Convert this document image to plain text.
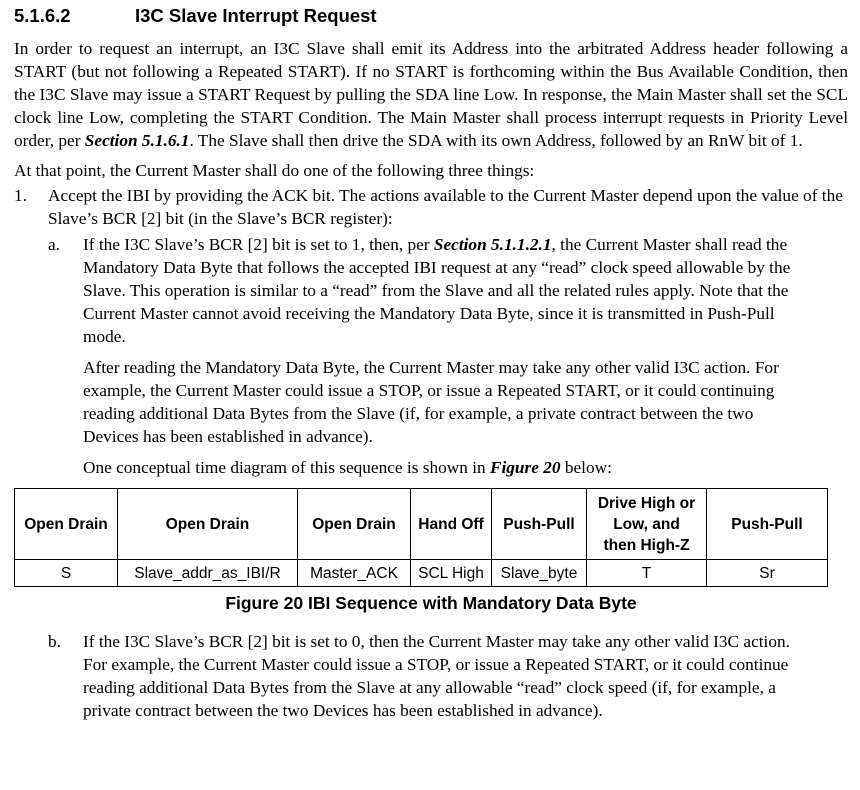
5.1.6.2	I3C Slave Interrupt Request

In order to request an interrupt, an I3C Slave shall emit its Address into the arbitrated Address header following a START (but not following a Repeated START). If no START is forthcoming within the Bus Available Condition, then the I3C Slave may issue a START Request by pulling the SDA line Low. In response, the Main Master shall set the SCL clock line Low, completing the START Condition. The Main Master shall process interrupt requests in Priority Level order, per Section 5.1.6.1. The Slave shall then drive the SDA with its own Address, followed by an RnW bit of 1.

At that point, the Current Master shall do one of the following three things:

1.	Accept the IBI by providing the ACK bit. The actions available to the Current Master depend upon the value of the Slave’s BCR [2] bit (in the Slave’s BCR register):
a.	If the I3C Slave’s BCR [2] bit is set to 1, then, per Section 5.1.1.2.1, the Current Master shall read the Mandatory Data Byte that follows the accepted IBI request at any “read” clock speed allowable by the Slave. This operation is similar to a “read” from the Slave and all the related rules apply. Note that the Current Master cannot avoid receiving the Mandatory Data Byte, since it is transmitted in Push-Pull mode.

After reading the Mandatory Data Byte, the Current Master may take any other valid I3C action. For example, the Current Master could issue a STOP, or issue a Repeated START, or it could continuing reading additional Data Bytes from the Slave (if, for example, a private contract between the two Devices has been established in advance).

One conceptual time diagram of this sequence is shown in Figure 20 below:

Open Drain	Open Drain	Open Drain	Hand Off	Push-Pull	Drive High or
Low, and
then High-Z	Push-Pull
S	Slave_addr_as_IBI/R	Master_ACK	SCL High	Slave_byte	T	Sr
Figure 20 IBI Sequence with Mandatory Data Byte
b.	If the I3C Slave’s BCR [2] bit is set to 0, then the Current Master may take any other valid I3C action. For example, the Current Master could issue a STOP, or issue a Repeated START, or it could continue reading additional Data Bytes from the Slave at any allowable “read” clock speed (if, for example, a private contract between the two Devices has been established in advance).
